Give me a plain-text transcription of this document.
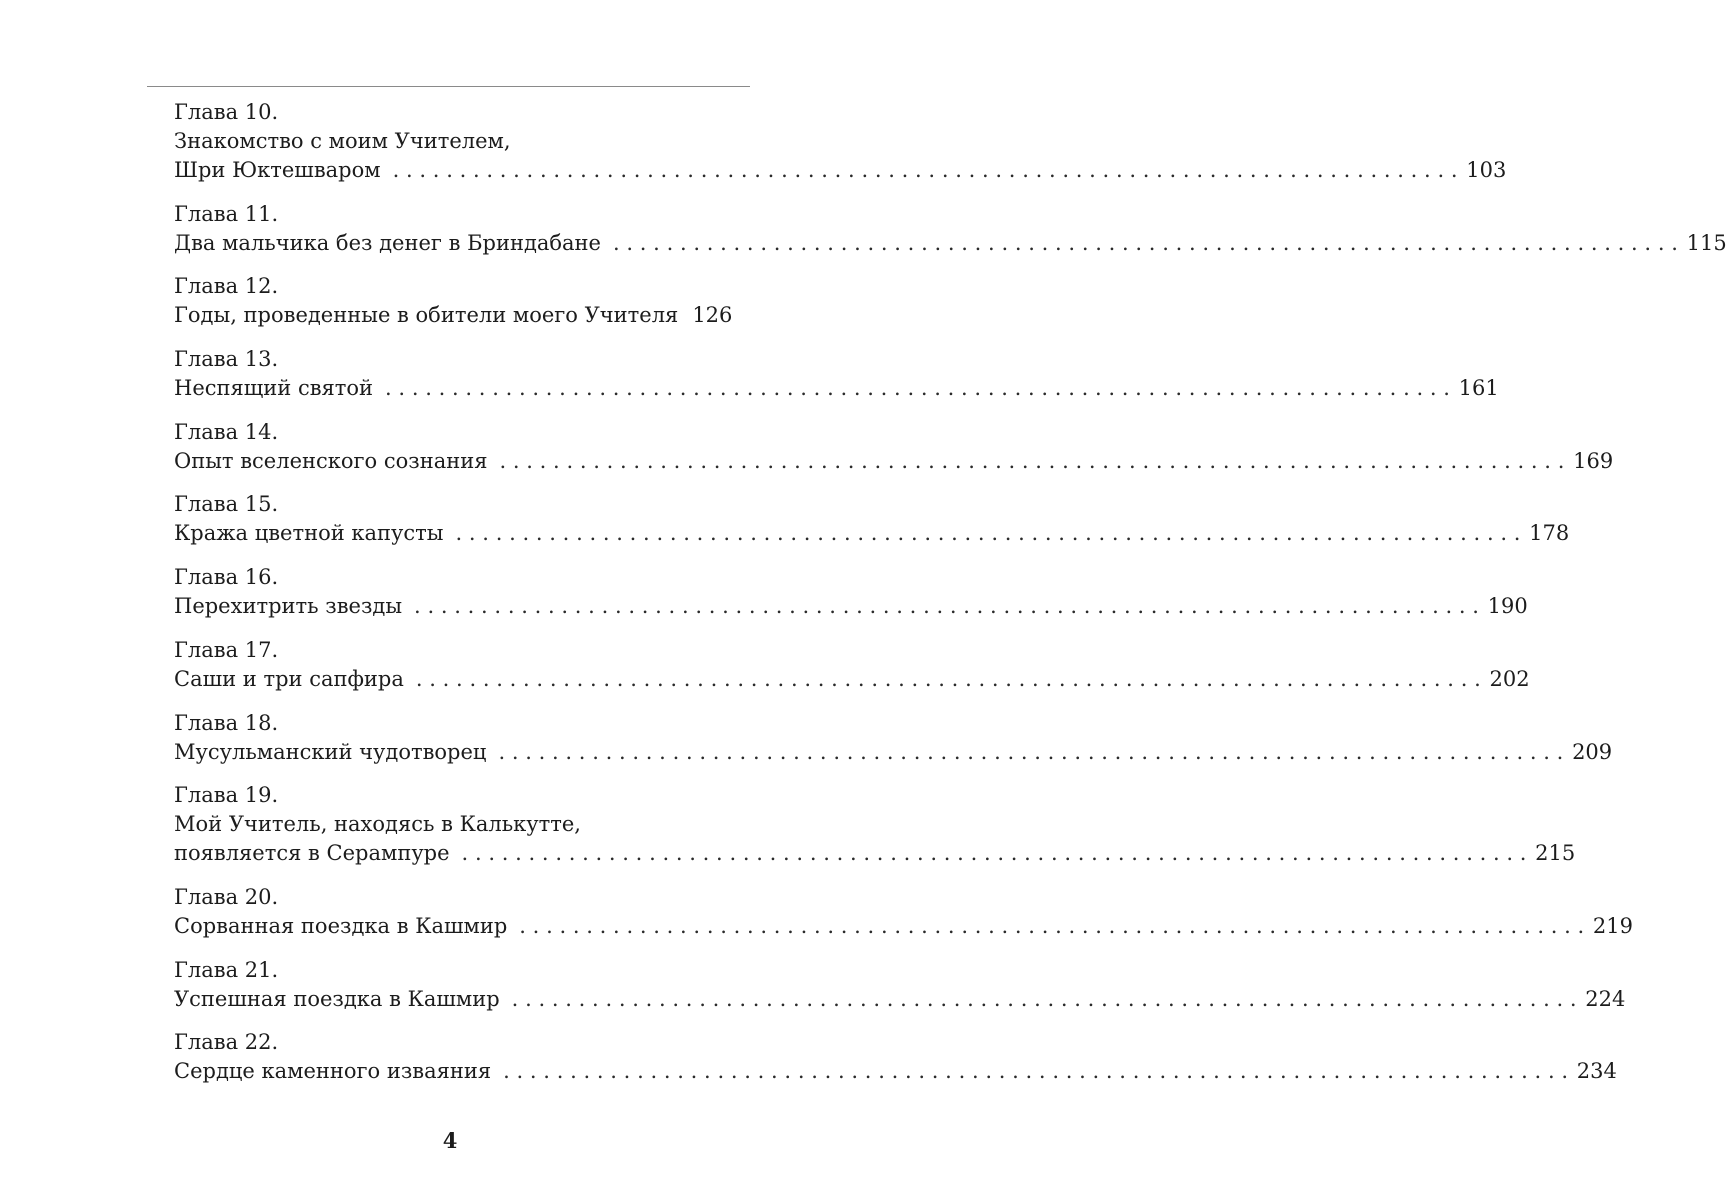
Глава 10.
Знакомство с моим Учителем,
Шри Юктешваром ................................................................................ 103
Глава 11.
Два мальчика без денег в Бриндабане ................................................................................ 115
Глава 12.
Годы, проведенные в обители моего Учителя 126
Глава 13.
Неспящий святой ................................................................................ 161
Глава 14.
Опыт вселенского сознания ................................................................................ 169
Глава 15.
Кража цветной капусты ................................................................................ 178
Глава 16.
Перехитрить звезды ................................................................................ 190
Глава 17.
Саши и три сапфира ................................................................................ 202
Глава 18.
Мусульманский чудотворец ................................................................................ 209
Глава 19.
Мой Учитель, находясь в Калькутте,
появляется в Серампуре ................................................................................ 215
Глава 20.
Сорванная поездка в Кашмир ................................................................................ 219
Глава 21.
Успешная поездка в Кашмир ................................................................................ 224
Глава 22.
Сердце каменного изваяния ................................................................................ 234
4
